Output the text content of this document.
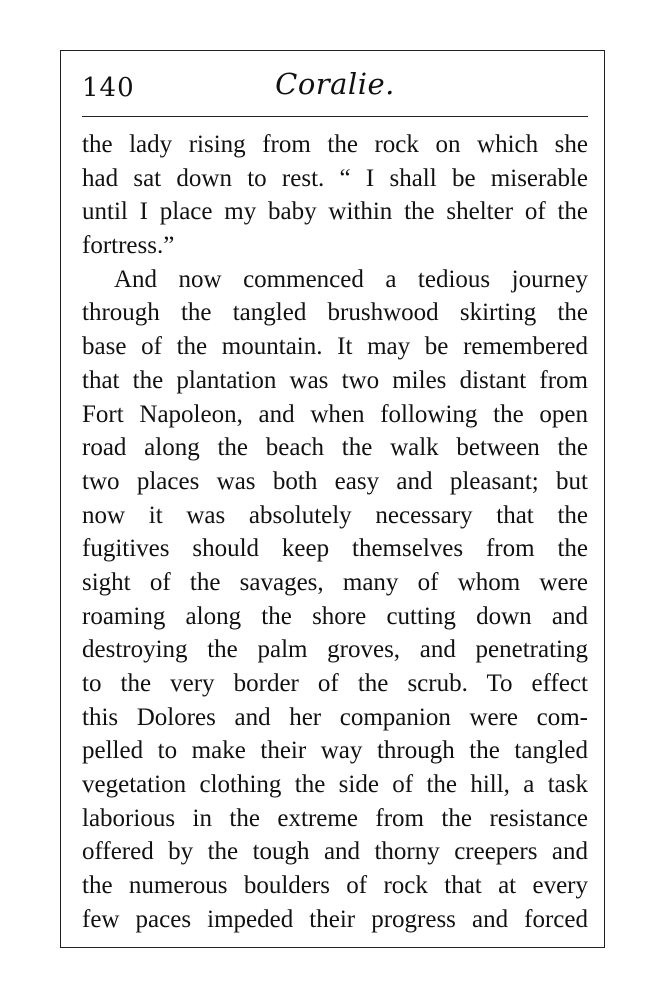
140	Coralie.
the lady rising from the rock on which she
had sat down to rest. “ I shall be miserable
until I place my baby within the shelter of the
fortress.”
And now commenced a tedious journey
through the tangled brushwood skirting the
base of the mountain. It may be remembered
that the plantation was two miles distant from
Fort Napoleon, and when following the open
road along the beach the walk between the
two places was both easy and pleasant; but
now it was absolutely necessary that the
fugitives should keep themselves from the
sight of the savages, many of whom were
roaming along the shore cutting down and
destroying the palm groves, and penetrating
to the very border of the scrub. To effect
this Dolores and her companion were com-
pelled to make their way through the tangled
vegetation clothing the side of the hill, a task
laborious in the extreme from the resistance
offered by the tough and thorny creepers and
the numerous boulders of rock that at every
few paces impeded their progress and forced
